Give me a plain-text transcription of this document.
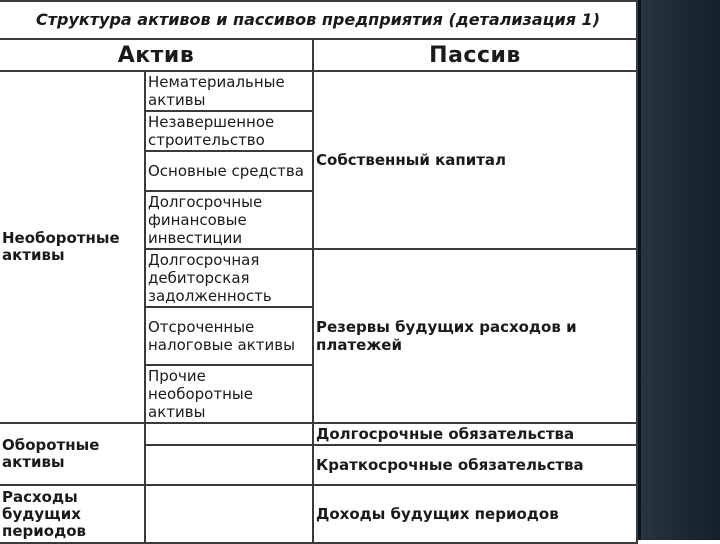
Структура активов и пассивов предприятия (детализация 1)		
Актив		Пассив
Необоротные активы	Нематериальные активы	Собственный капитал
	Незавершенное строительство	
	Основные средства	
	Долгосрочные финансовые инвестиции	
	Долгосрочная дебиторская задолженность	Резервы будущих расходов и платежей
	Отсроченные налоговые активы	
	Прочие необоротные активы	
Оборотные активы		Долгосрочные обязательства
		Краткосрочные обязательства
Расходы будущих периодов		Доходы будущих периодов
